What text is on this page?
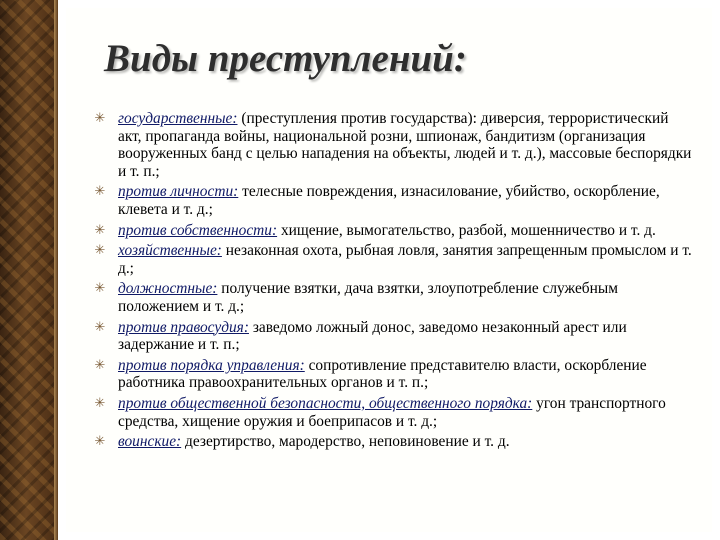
Виды преступлений:
✳ государственные: (преступления против государства): диверсия, террористический акт, пропаганда войны, национальной розни, шпионаж, бандитизм (организация вооруженных банд с целью нападения на объекты, людей и т. д.), массовые беспорядки и т. п.;
✳ против личности: телесные повреждения, изнасилование, убийство, оскорбление, клевета и т. д.;
✳ против собственности: хищение, вымогательство, разбой, мошенничество и т. д.
✳ хозяйственные: незаконная охота, рыбная ловля, занятия запрещенным промыслом и т. д.;
✳ должностные: получение взятки, дача взятки, злоупотребление служебным положением и т. д.;
✳ против правосудия: заведомо ложный донос, заведомо незаконный арест или задержание и т. п.;
✳ против порядка управления: сопротивление представителю власти, оскорбление работника правоохранительных органов и т. п.;
✳ против общественной безопасности, общественного порядка: угон транспортного средства, хищение оружия и боеприпасов и т. д.;
✳ воинские: дезертирство, мародерство, неповиновение и т. д.
